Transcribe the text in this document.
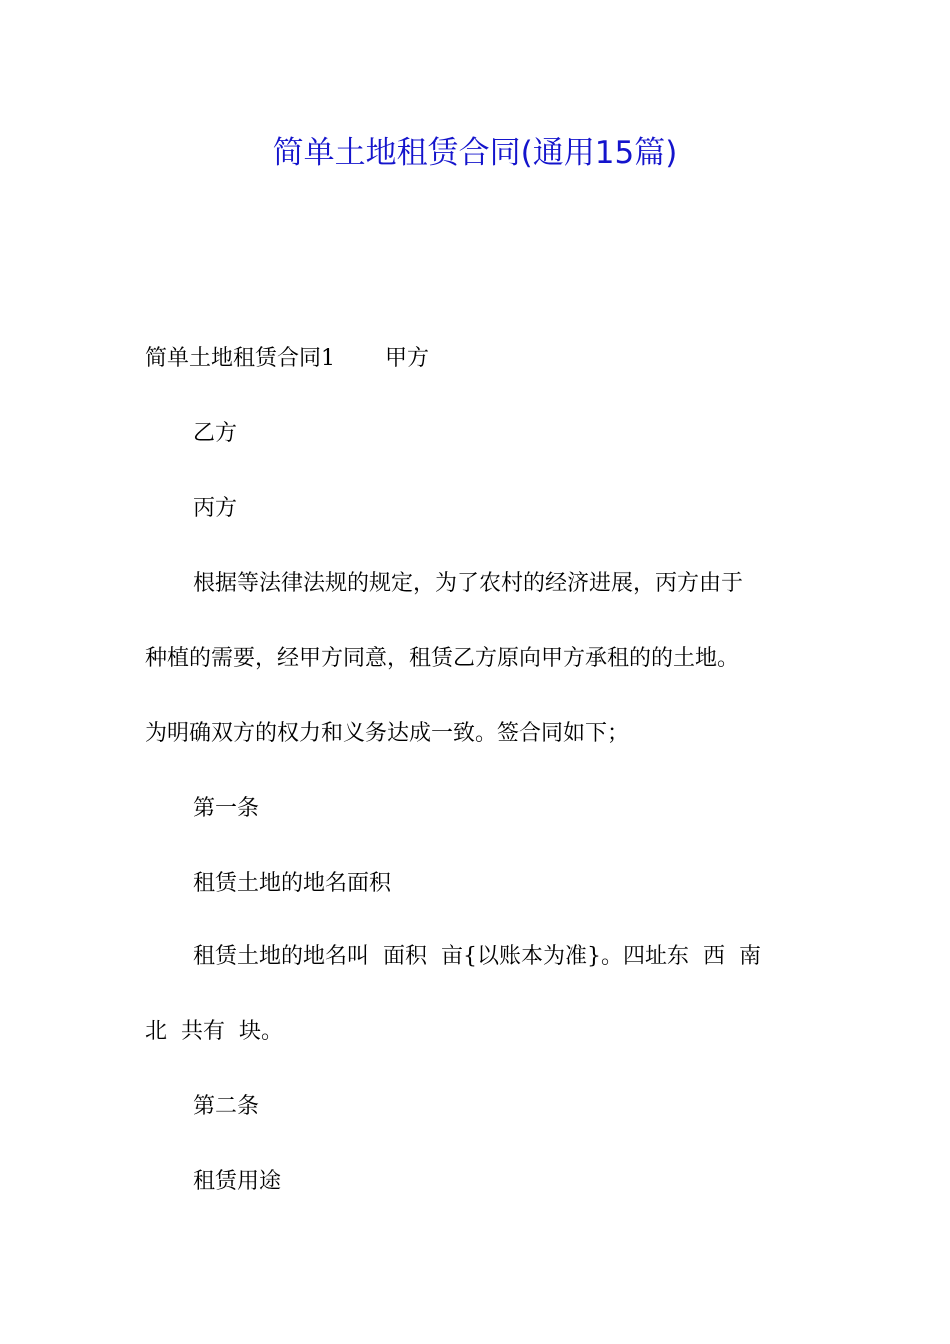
简单土地租赁合同(通用15篇)
简单土地租赁合同1 甲方
乙方
丙方
根据等法律法规的规定，为了农村的经济进展，丙方由于
种植的需要，经甲方同意，租赁乙方原向甲方承租的的土地。
为明确双方的权力和义务达成一致。签合同如下；
第一条
租赁土地的地名面积
租赁土地的地名叫  面积  亩{以账本为准}。四址东  西  南
北  共有  块。
第二条
租赁用途
